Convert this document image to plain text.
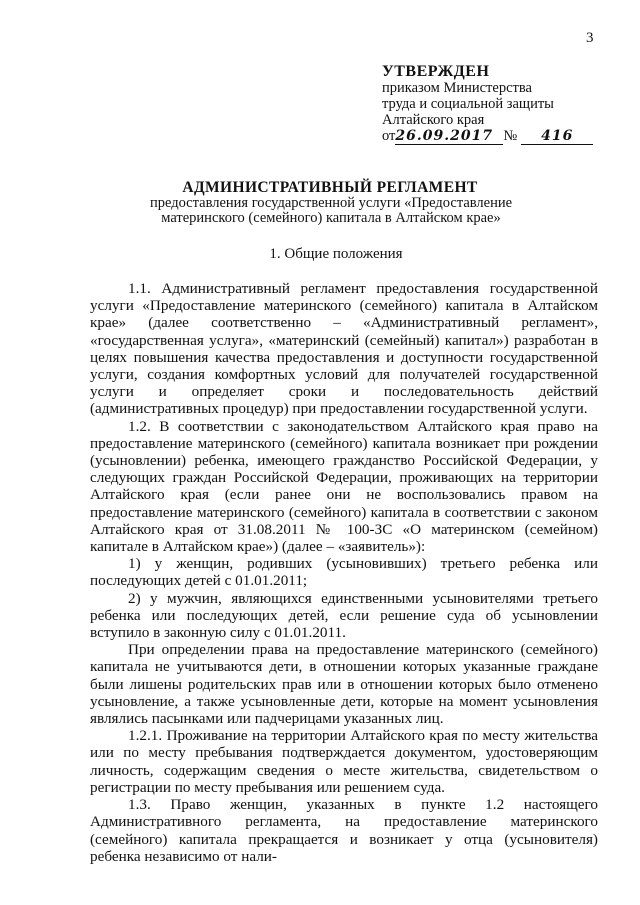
3
УТВЕРЖДЕН
приказом Министерства
труда и социальной защиты
Алтайского края
от26.09.2017 № 416
АДМИНИСТРАТИВНЫЙ РЕГЛАМЕНТ
предоставления государственной услуги «Предоставление
материнского (семейного) капитала в Алтайском крае»
1. Общие положения

1.1. Административный регламент предоставления государственной услуги «Предоставление материнского (семейного) капитала в Алтайском крае» (далее соответственно – «Административный регламент», «государственная услуга», «материнский (семейный) капитал») разработан в целях повышения качества предоставления и доступности государственной услуги, создания комфортных условий для получателей государственной услуги и определяет сроки и последовательность действий (административных процедур) при предоставлении государственной услуги.

1.2. В соответствии с законодательством Алтайского края право на предоставление материнского (семейного) капитала возникает при рождении (усыновлении) ребенка, имеющего гражданство Российской Федерации, у следующих граждан Российской Федерации, проживающих на территории Алтайского края (если ранее они не воспользовались правом на предоставление материнского (семейного) капитала в соответствии с законом Алтайского края от 31.08.2011 № 100-ЗС «О материнском (семейном) капитале в Алтайском крае») (далее – «заявитель»):

1) у женщин, родивших (усыновивших) третьего ребенка или последующих детей с 01.01.2011;

2) у мужчин, являющихся единственными усыновителями третьего ребенка или последующих детей, если решение суда об усыновлении вступило в законную силу с 01.01.2011.

При определении права на предоставление материнского (семейного) капитала не учитываются дети, в отношении которых указанные граждане были лишены родительских прав или в отношении которых было отменено усыновление, а также усыновленные дети, которые на момент усыновления являлись пасынками или падчерицами указанных лиц.

1.2.1. Проживание на территории Алтайского края по месту жительства или по месту пребывания подтверждается документом, удостоверяющим личность, содержащим сведения о месте жительства, свидетельством о регистрации по месту пребывания или решением суда.

1.3. Право женщин, указанных в пункте 1.2 настоящего Административного регламента, на предоставление материнского (семейного) капитала прекращается и возникает у отца (усыновителя) ребенка независимо от нали-
